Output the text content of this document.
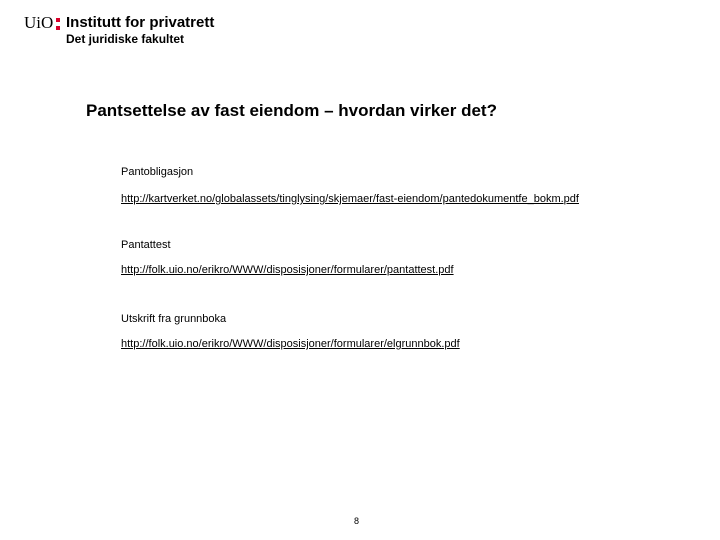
UiO Institutt for privatrett
Det juridiske fakultet
Pantsettelse av fast eiendom – hvordan virker det?

Pantobligasjon

http://kartverket.no/globalassets/tinglysing/skjemaer/fast-eiendom/pantedokumentfe_bokm.pdf

Pantattest

http://folk.uio.no/erikro/WWW/disposisjoner/formularer/pantattest.pdf

Utskrift fra grunnboka

http://folk.uio.no/erikro/WWW/disposisjoner/formularer/elgrunnbok.pdf
8
